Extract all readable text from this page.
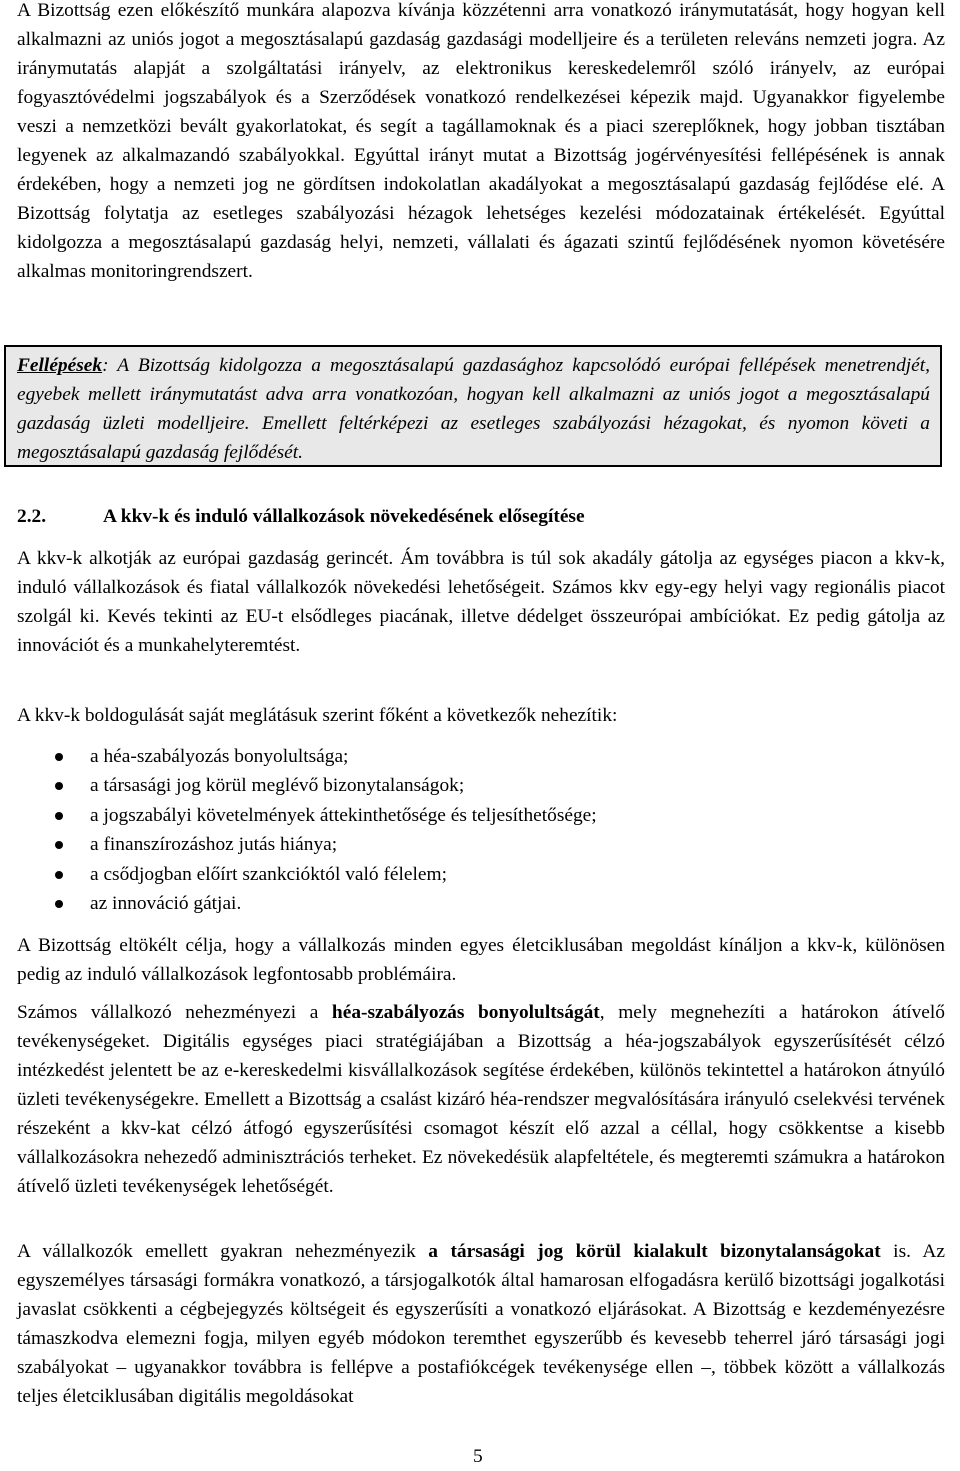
A Bizottság ezen előkészítő munkára alapozva kívánja közzétenni arra vonatkozó iránymutatását, hogy hogyan kell alkalmazni az uniós jogot a megosztásalapú gazdaság gazdasági modelljeire és a területen releváns nemzeti jogra. Az iránymutatás alapját a szolgáltatási irányelv, az elektronikus kereskedelemről szóló irányelv, az európai fogyasztóvédelmi jogszabályok és a Szerződések vonatkozó rendelkezései képezik majd. Ugyanakkor figyelembe veszi a nemzetközi bevált gyakorlatokat, és segít a tagállamoknak és a piaci szereplőknek, hogy jobban tisztában legyenek az alkalmazandó szabályokkal. Egyúttal irányt mutat a Bizottság jogérvényesítési fellépésének is annak érdekében, hogy a nemzeti jog ne gördítsen indokolatlan akadályokat a megosztásalapú gazdaság fejlődése elé. A Bizottság folytatja az esetleges szabályozási hézagok lehetséges kezelési módozatainak értékelését. Egyúttal kidolgozza a megosztásalapú gazdaság helyi, nemzeti, vállalati és ágazati szintű fejlődésének nyomon követésére alkalmas monitoringrendszert.

Fellépések: A Bizottság kidolgozza a megosztásalapú gazdasághoz kapcsolódó európai fellépések menetrendjét, egyebek mellett iránymutatást adva arra vonatkozóan, hogyan kell alkalmazni az uniós jogot a megosztásalapú gazdaság üzleti modelljeire. Emellett feltérképezi az esetleges szabályozási hézagokat, és nyomon követi a megosztásalapú gazdaság fejlődését.

2.2.	A kkv-k és induló vállalkozások növekedésének elősegítése

A kkv-k alkotják az európai gazdaság gerincét. Ám továbbra is túl sok akadály gátolja az egységes piacon a kkv-k, induló vállalkozások és fiatal vállalkozók növekedési lehetőségeit. Számos kkv egy-egy helyi vagy regionális piacot szolgál ki. Kevés tekinti az EU-t elsődleges piacának, illetve dédelget összeurópai ambíciókat. Ez pedig gátolja az innovációt és a munkahelyteremtést.

A kkv-k boldogulását saját meglátásuk szerint főként a következők nehezítik:

a héa-szabályozás bonyolultsága;
a társasági jog körül meglévő bizonytalanságok;
a jogszabályi követelmények áttekinthetősége és teljesíthetősége;
a finanszírozáshoz jutás hiánya;
a csődjogban előírt szankcióktól való félelem;
az innováció gátjai.

A Bizottság eltökélt célja, hogy a vállalkozás minden egyes életciklusában megoldást kínáljon a kkv-k, különösen pedig az induló vállalkozások legfontosabb problémáira.

Számos vállalkozó nehezményezi a héa-szabályozás bonyolultságát, mely megnehezíti a határokon átívelő tevékenységeket. Digitális egységes piaci stratégiájában a Bizottság a héa-jogszabályok egyszerűsítését célzó intézkedést jelentett be az e-kereskedelmi kisvállalkozások segítése érdekében, különös tekintettel a határokon átnyúló üzleti tevékenységekre. Emellett a Bizottság a csalást kizáró héa-rendszer megvalósítására irányuló cselekvési tervének részeként a kkv-kat célzó átfogó egyszerűsítési csomagot készít elő azzal a céllal, hogy csökkentse a kisebb vállalkozásokra nehezedő adminisztrációs terheket. Ez növekedésük alapfeltétele, és megteremti számukra a határokon átívelő üzleti tevékenységek lehetőségét.

A vállalkozók emellett gyakran nehezményezik a társasági jog körül kialakult bizonytalanságokat is. Az egyszemélyes társasági formákra vonatkozó, a társjogalkotók által hamarosan elfogadásra kerülő bizottsági jogalkotási javaslat csökkenti a cégbejegyzés költségeit és egyszerűsíti a vonatkozó eljárásokat. A Bizottság e kezdeményezésre támaszkodva elemezni fogja, milyen egyéb módokon teremthet egyszerűbb és kevesebb teherrel járó társasági jogi szabályokat – ugyanakkor továbbra is fellépve a postafiókcégek tevékenysége ellen –, többek között a vállalkozás teljes életciklusában digitális megoldásokat

5
